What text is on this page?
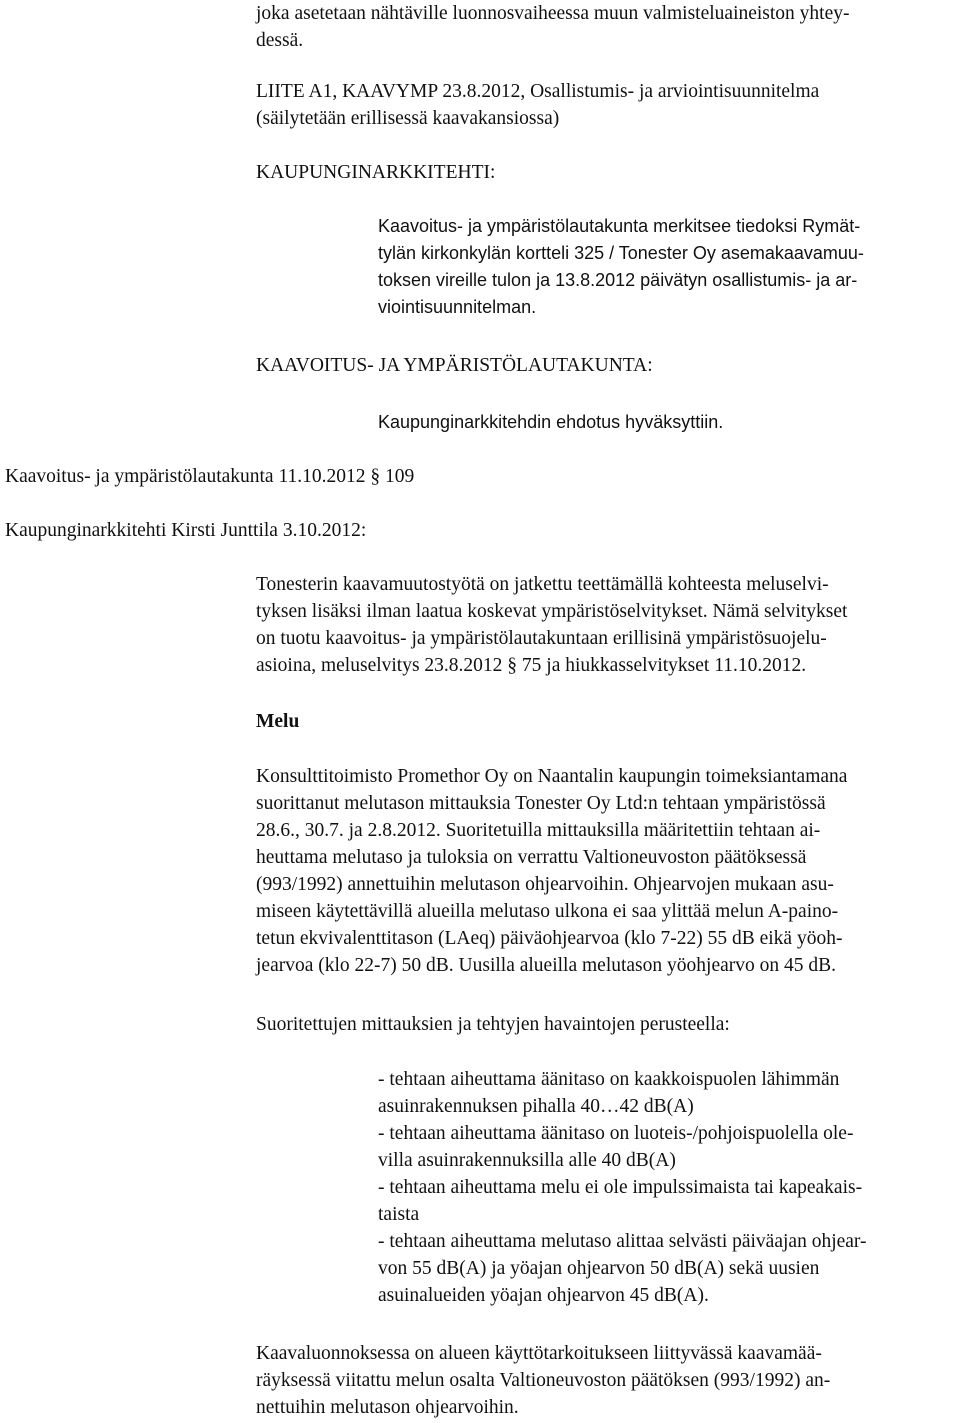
joka asetetaan nähtäville luonnosvaiheessa muun valmisteluaineiston yhtey-
dessä.

LIITE A1, KAAVYMP 23.8.2012, Osallistumis- ja arviointisuunnitelma
(säilytetään erillisessä kaavakansiossa)

KAUPUNGINARKKITEHTI:

Kaavoitus- ja ympäristölautakunta merkitsee tiedoksi Rymät-
tylän kirkonkylän kortteli 325 / Tonester Oy asemakaavamuu-
toksen vireille tulon ja 13.8.2012 päivätyn osallistumis- ja ar-
viointisuunnitelman.

KAAVOITUS- JA YMPÄRISTÖLAUTAKUNTA:

Kaupunginarkkitehdin ehdotus hyväksyttiin.

Kaavoitus- ja ympäristölautakunta 11.10.2012 § 109

Kaupunginarkkitehti Kirsti Junttila 3.10.2012:

Tonesterin kaavamuutostyötä on jatkettu teettämällä kohteesta meluselvi-
tyksen lisäksi ilman laatua koskevat ympäristöselvitykset. Nämä selvitykset
on tuotu kaavoitus- ja ympäristölautakuntaan erillisinä ympäristösuojelu-
asioina, meluselvitys 23.8.2012 § 75 ja hiukkasselvitykset 11.10.2012.

Melu

Konsulttitoimisto Promethor Oy on Naantalin kaupungin toimeksiantamana
suorittanut melutason mittauksia Tonester Oy Ltd:n tehtaan ympäristössä
28.6., 30.7. ja 2.8.2012. Suoritetuilla mittauksilla määritettiin tehtaan ai-
heuttama melutaso ja tuloksia on verrattu Valtioneuvoston päätöksessä
(993/1992) annettuihin melutason ohjearvoihin. Ohjearvojen mukaan asu-
miseen käytettävillä alueilla melutaso ulkona ei saa ylittää melun A-paino-
tetun ekvivalenttitason (LAeq) päiväohjearvoa (klo 7-22) 55 dB eikä yöoh-
jearvoa (klo 22-7) 50 dB. Uusilla alueilla melutason yöohjearvo on 45 dB.

Suoritettujen mittauksien ja tehtyjen havaintojen perusteella:

- tehtaan aiheuttama äänitaso on kaakkoispuolen lähimmän
asuinrakennuksen pihalla 40…42 dB(A)
- tehtaan aiheuttama äänitaso on luoteis-/pohjoispuolella ole-
villa asuinrakennuksilla alle 40 dB(A)
- tehtaan aiheuttama melu ei ole impulssimaista tai kapeakais-
taista
- tehtaan aiheuttama melutaso alittaa selvästi päiväajan ohjear-
von 55 dB(A) ja yöajan ohjearvon 50 dB(A) sekä uusien
asuinalueiden yöajan ohjearvon 45 dB(A).

Kaavaluonnoksessa on alueen käyttötarkoitukseen liittyvässä kaavamää-
räyksessä viitattu melun osalta Valtioneuvoston päätöksen (993/1992) an-
nettuihin melutason ohjearvoihin.
